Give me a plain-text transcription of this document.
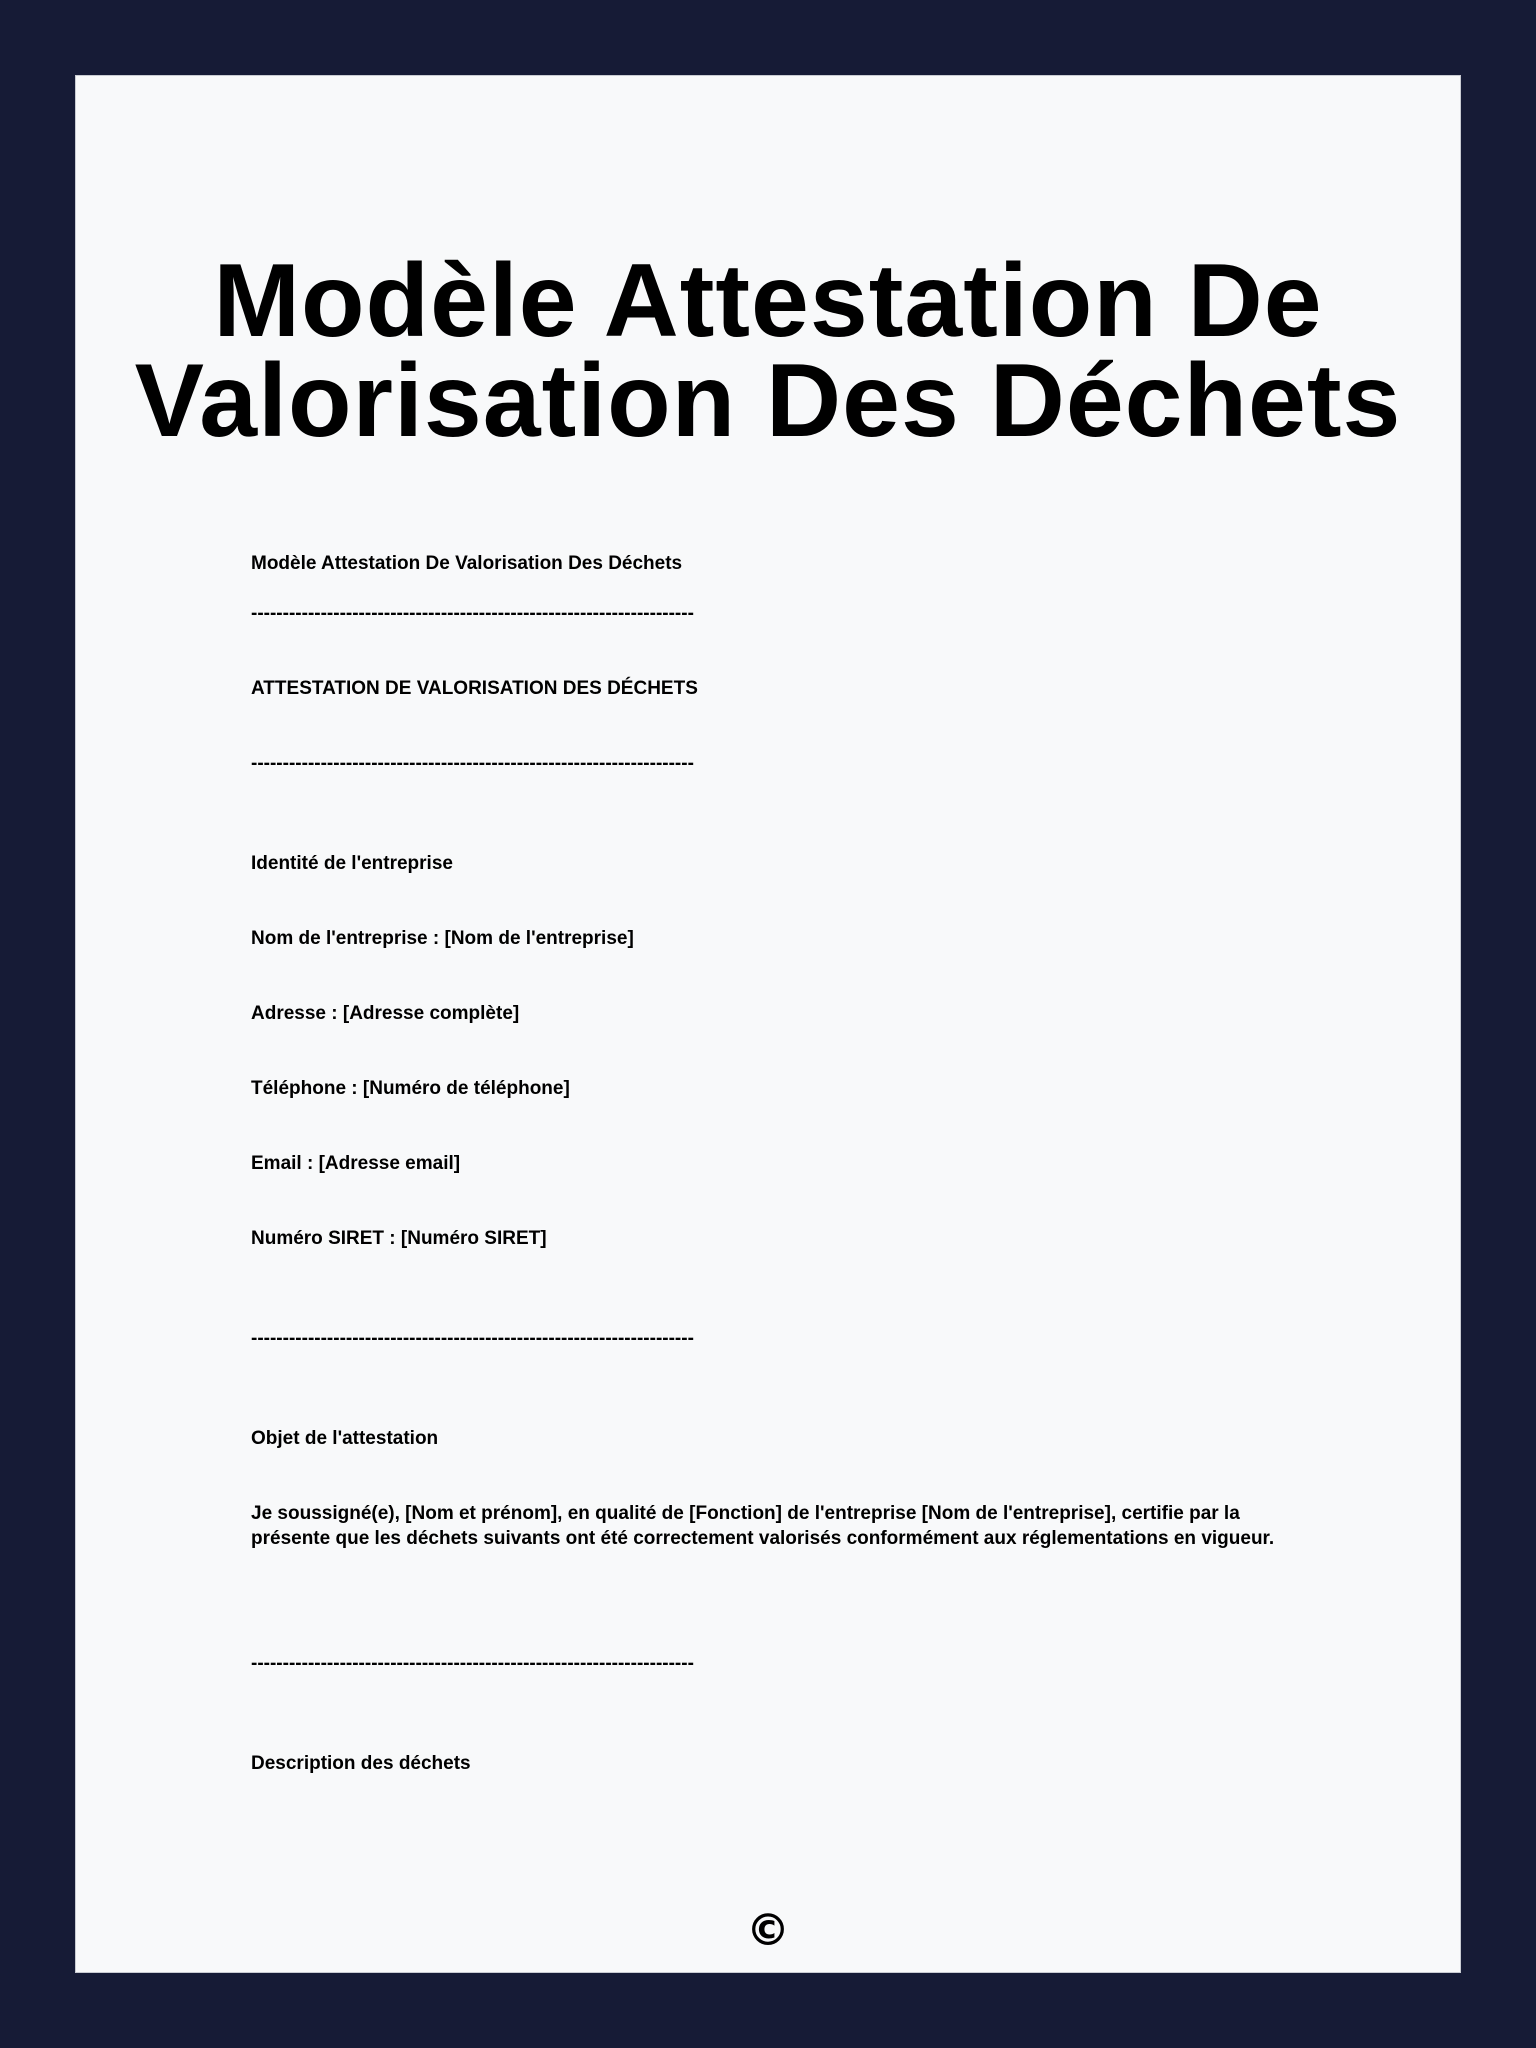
Modèle Attestation De Valorisation Des Déchets

Modèle Attestation De Valorisation Des Déchets

----------------------------------------------------------------------

ATTESTATION DE VALORISATION DES DÉCHETS

----------------------------------------------------------------------

Identité de l'entreprise

Nom de l'entreprise : [Nom de l'entreprise]

Adresse : [Adresse complète]

Téléphone : [Numéro de téléphone]

Email : [Adresse email]

Numéro SIRET : [Numéro SIRET]

----------------------------------------------------------------------

Objet de l'attestation

Je soussigné(e), [Nom et prénom], en qualité de [Fonction] de l'entreprise [Nom de l'entreprise], certifie par la présente que les déchets suivants ont été correctement valorisés conformément aux réglementations en vigueur.

----------------------------------------------------------------------

Description des déchets

©
